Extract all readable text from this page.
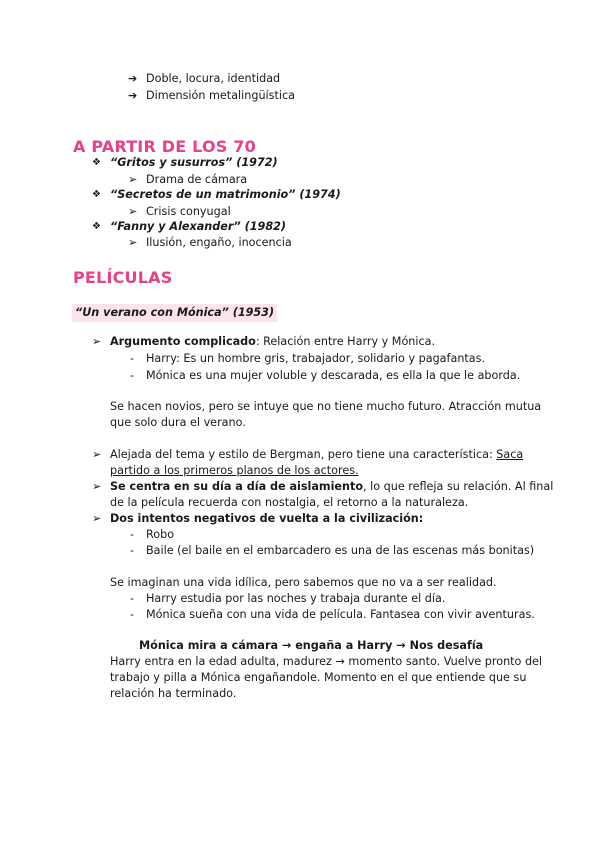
➔ Doble, locura, identidad
➔ Dimensión metalingüística
A PARTIR DE LOS 70
❖ “Gritos y susurros” (1972)
➢ Drama de cámara
❖ “Secretos de un matrimonio” (1974)
➢ Crisis conyugal
❖ “Fanny y Alexander” (1982)
➢ Ilusión, engaño, inocencia
PELÍCULAS
“Un verano con Mónica” (1953)
➢ Argumento complicado: Relación entre Harry y Mónica.
- Harry: Es un hombre gris, trabajador, solidario y pagafantas.
- Mónica es una mujer voluble y descarada, es ella la que le aborda.
Se hacen novios, pero se intuye que no tiene mucho futuro. Atracción mutua
que solo dura el verano.
➢ Alejada del tema y estilo de Bergman, pero tiene una característica: Saca
partido a los primeros planos de los actores.
➢ Se centra en su día a día de aislamiento, lo que refleja su relación. Al final
de la película recuerda con nostalgia, el retorno a la naturaleza.
➢ Dos intentos negativos de vuelta a la civilización:
- Robo
- Baile (el baile en el embarcadero es una de las escenas más bonitas)
Se imaginan una vida idílica, pero sabemos que no va a ser realidad.
- Harry estudia por las noches y trabaja durante el día.
- Mónica sueña con una vida de película. Fantasea con vivir aventuras.
Mónica mira a cámara → engaña a Harry → Nos desafía
Harry entra en la edad adulta, madurez → momento santo. Vuelve pronto del
trabajo y pilla a Mónica engañandole. Momento en el que entiende que su
relación ha terminado.
